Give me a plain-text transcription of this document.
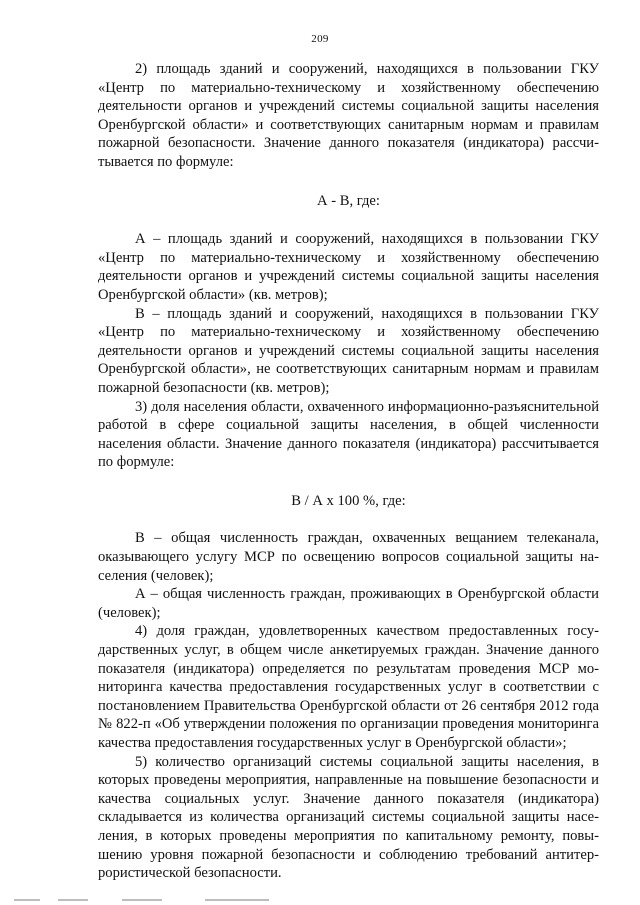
209

2) площадь зданий и сооружений, находящихся в пользовании ГКУ «Центр по материально-техническому и хозяйственному обеспечению деятельности органов и учреждений системы социальной защиты населения Оренбургской области» и соответствующих санитарным нормам и правилам пожарной безопасности. Значение данного показателя (индикатора) рассчитывается по формуле:

А - В, где:

А – площадь зданий и сооружений, находящихся в пользовании ГКУ «Центр по материально-техническому и хозяйственному обеспечению деятельности органов и учреждений системы социальной защиты населения Оренбургской области» (кв. метров);

В – площадь зданий и сооружений, находящихся в пользовании ГКУ «Центр по материально-техническому и хозяйственному обеспечению деятельности органов и учреждений системы социальной защиты населения Оренбургской области», не соответствующих санитарным нормам и правилам пожарной безопасности (кв. метров);

3) доля населения области, охваченного информационно-разъяснительной работой в сфере социальной защиты населения, в общей численности населения области. Значение данного показателя (индикатора) рассчитывается по формуле:

В / А х 100 %, где:

В – общая численность граждан, охваченных вещанием телеканала, оказывающего услугу МСР по освещению вопросов социальной защиты населения (человек);

А – общая численность граждан, проживающих в Оренбургской области (человек);

4) доля граждан, удовлетворенных качеством предоставленных государственных услуг, в общем числе анкетируемых граждан. Значение данного показателя (индикатора) определяется по результатам проведения МСР мониторинга качества предоставления государственных услуг в соответствии с постановлением Правительства Оренбургской области от 26 сентября 2012 года № 822-п «Об утверждении положения по организации проведения мониторинга качества предоставления государственных услуг в Оренбургской области»;

5) количество организаций системы социальной защиты населения, в которых проведены мероприятия, направленные на повышение безопасности и качества социальных услуг. Значение данного показателя (индикатора) складывается из количества организаций системы социальной защиты населения, в которых проведены мероприятия по капитальному ремонту, повышению уровня пожарной безопасности и соблюдению требований антитеррористической безопасности.
